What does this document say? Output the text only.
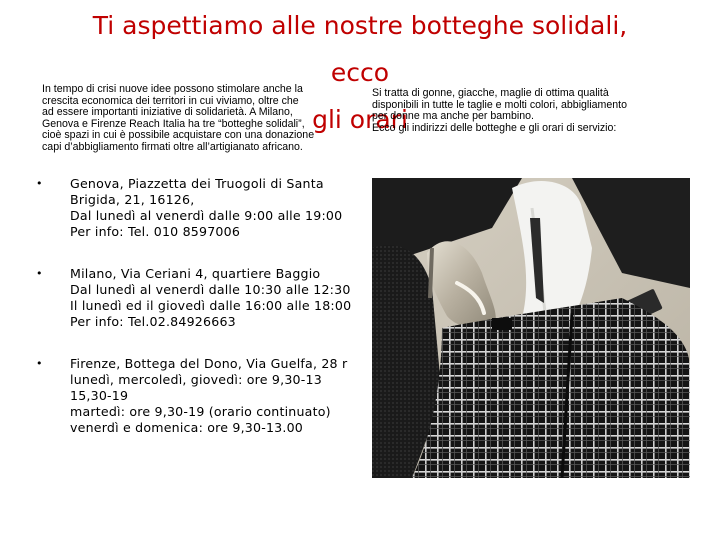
Ti aspettiamo alle nostre botteghe solidali, ecco
gli orari
In tempo di crisi nuove idee possono stimolare anche la
crescita economica dei territori in cui viviamo, oltre che
ad essere importanti iniziative di solidarietà. A Milano,
Genova e Firenze Reach Italia ha tre “botteghe solidali”,
cioè spazi in cui è possibile acquistare con una donazione
capi d’abbigliamento firmati oltre all’artigianato africano.
Si tratta di gonne, giacche, maglie di ottima qualità
disponibili in tutte le taglie e molti colori, abbigliamento
per donne ma anche per bambino.
Ecco gli indirizzi delle botteghe e gli orari di servizio:
• Genova, Piazzetta dei Truogoli di Santa
Brigida, 21, 16126,
Dal lunedì al venerdì dalle 9:00 alle 19:00
Per info: Tel. 010 8597006
• Milano, Via Ceriani 4, quartiere Baggio
Dal lunedì al venerdì dalle 10:30 alle 12:30
Il lunedì ed il giovedì dalle 16:00 alle 18:00
Per info: Tel.02.84926663
• Firenze, Bottega del Dono, Via Guelfa, 28 r
lunedì, mercoledì, giovedì: ore 9,30-13
15,30-19
martedì: ore 9,30-19 (orario continuato)
venerdì e domenica: ore 9,30-13.00
